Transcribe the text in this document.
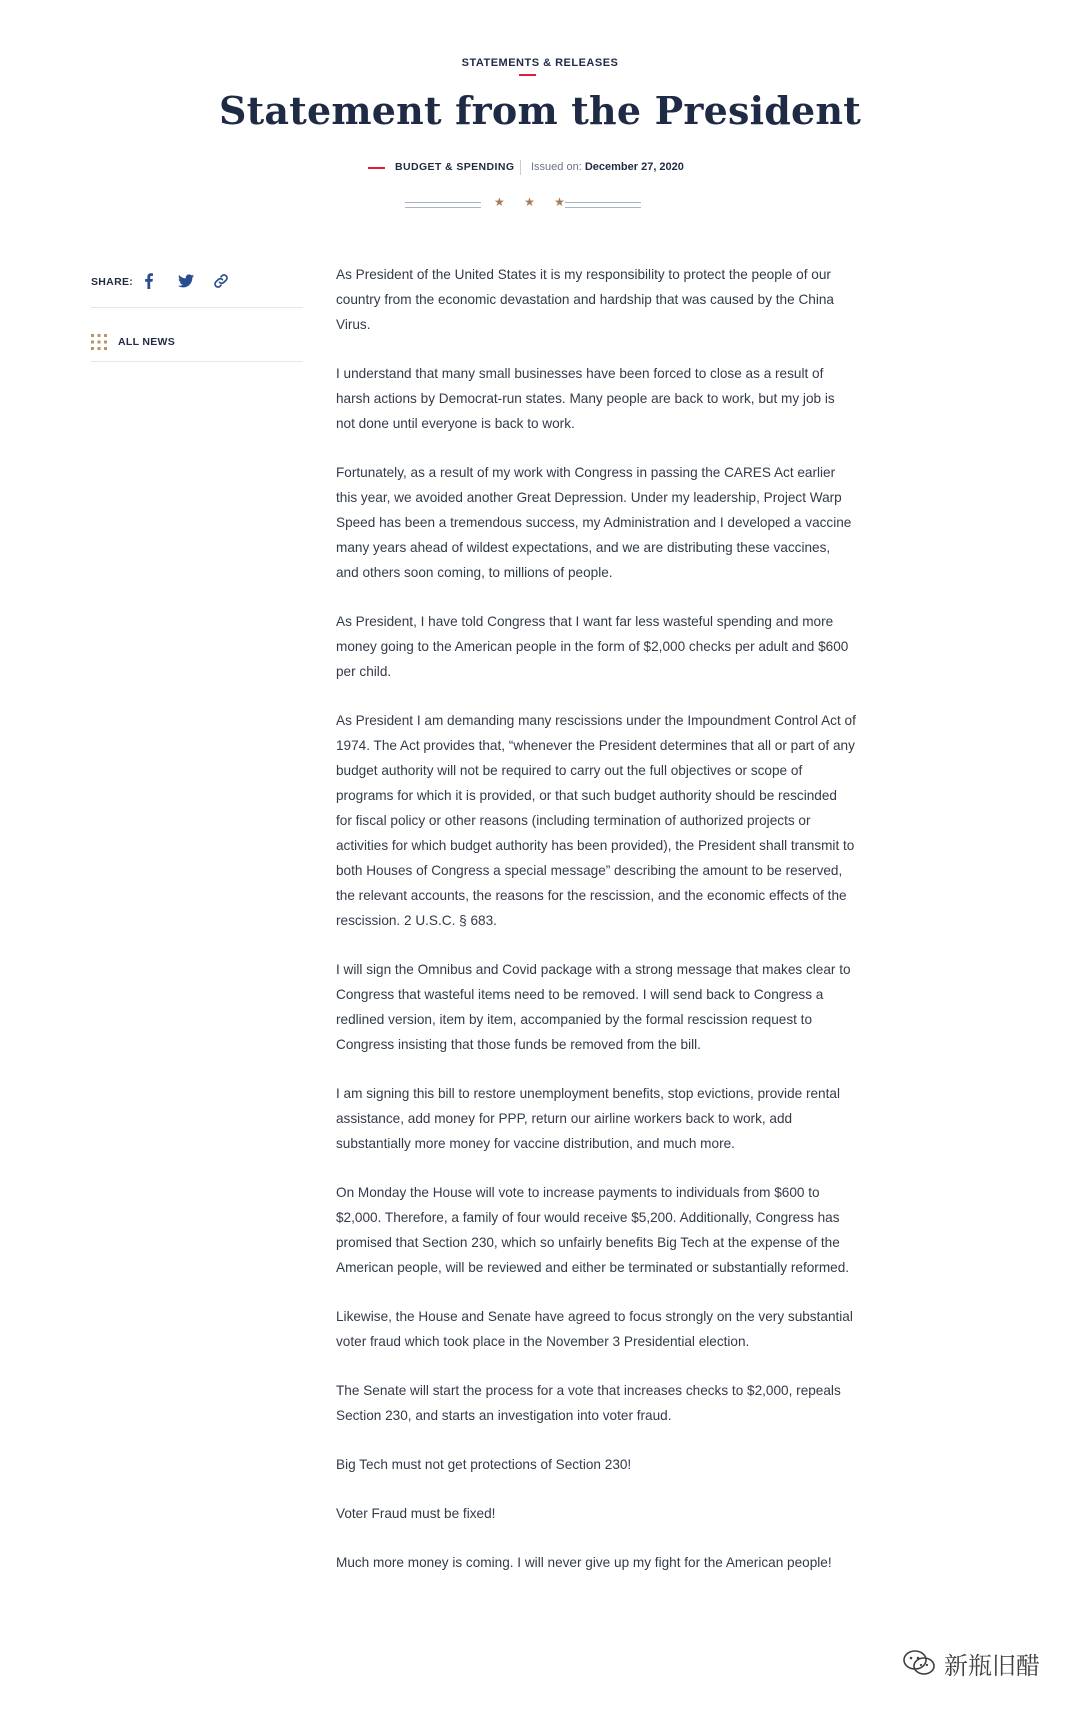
STATEMENTS & RELEASES
Statement from the President
BUDGET & SPENDING Issued on: December 27, 2020
★ ★ ★
SHARE:
ALL NEWS

As President of the United States it is my responsibility to protect the people of our country from the economic devastation and hardship that was caused by the China Virus.

I understand that many small businesses have been forced to close as a result of harsh actions by Democrat-run states. Many people are back to work, but my job is not done until everyone is back to work.

Fortunately, as a result of my work with Congress in passing the CARES Act earlier this year, we avoided another Great Depression. Under my leadership, Project Warp Speed has been a tremendous success, my Administration and I developed a vaccine many years ahead of wildest expectations, and we are distributing these vaccines, and others soon coming, to millions of people.

As President, I have told Congress that I want far less wasteful spending and more money going to the American people in the form of $2,000 checks per adult and $600 per child.

As President I am demanding many rescissions under the Impoundment Control Act of 1974. The Act provides that, “whenever the President determines that all or part of any budget authority will not be required to carry out the full objectives or scope of programs for which it is provided, or that such budget authority should be rescinded for fiscal policy or other reasons (including termination of authorized projects or activities for which budget authority has been provided), the President shall transmit to both Houses of Congress a special message” describing the amount to be reserved, the relevant accounts, the reasons for the rescission, and the economic effects of the rescission. 2 U.S.C. § 683.

I will sign the Omnibus and Covid package with a strong message that makes clear to Congress that wasteful items need to be removed. I will send back to Congress a redlined version, item by item, accompanied by the formal rescission request to Congress insisting that those funds be removed from the bill.

I am signing this bill to restore unemployment benefits, stop evictions, provide rental assistance, add money for PPP, return our airline workers back to work, add substantially more money for vaccine distribution, and much more.

On Monday the House will vote to increase payments to individuals from $600 to $2,000. Therefore, a family of four would receive $5,200. Additionally, Congress has promised that Section 230, which so unfairly benefits Big Tech at the expense of the American people, will be reviewed and either be terminated or substantially reformed.

Likewise, the House and Senate have agreed to focus strongly on the very substantial voter fraud which took place in the November 3 Presidential election.

The Senate will start the process for a vote that increases checks to $2,000, repeals Section 230, and starts an investigation into voter fraud.

Big Tech must not get protections of Section 230!

Voter Fraud must be fixed!

Much more money is coming. I will never give up my fight for the American people!

新瓶旧醋
